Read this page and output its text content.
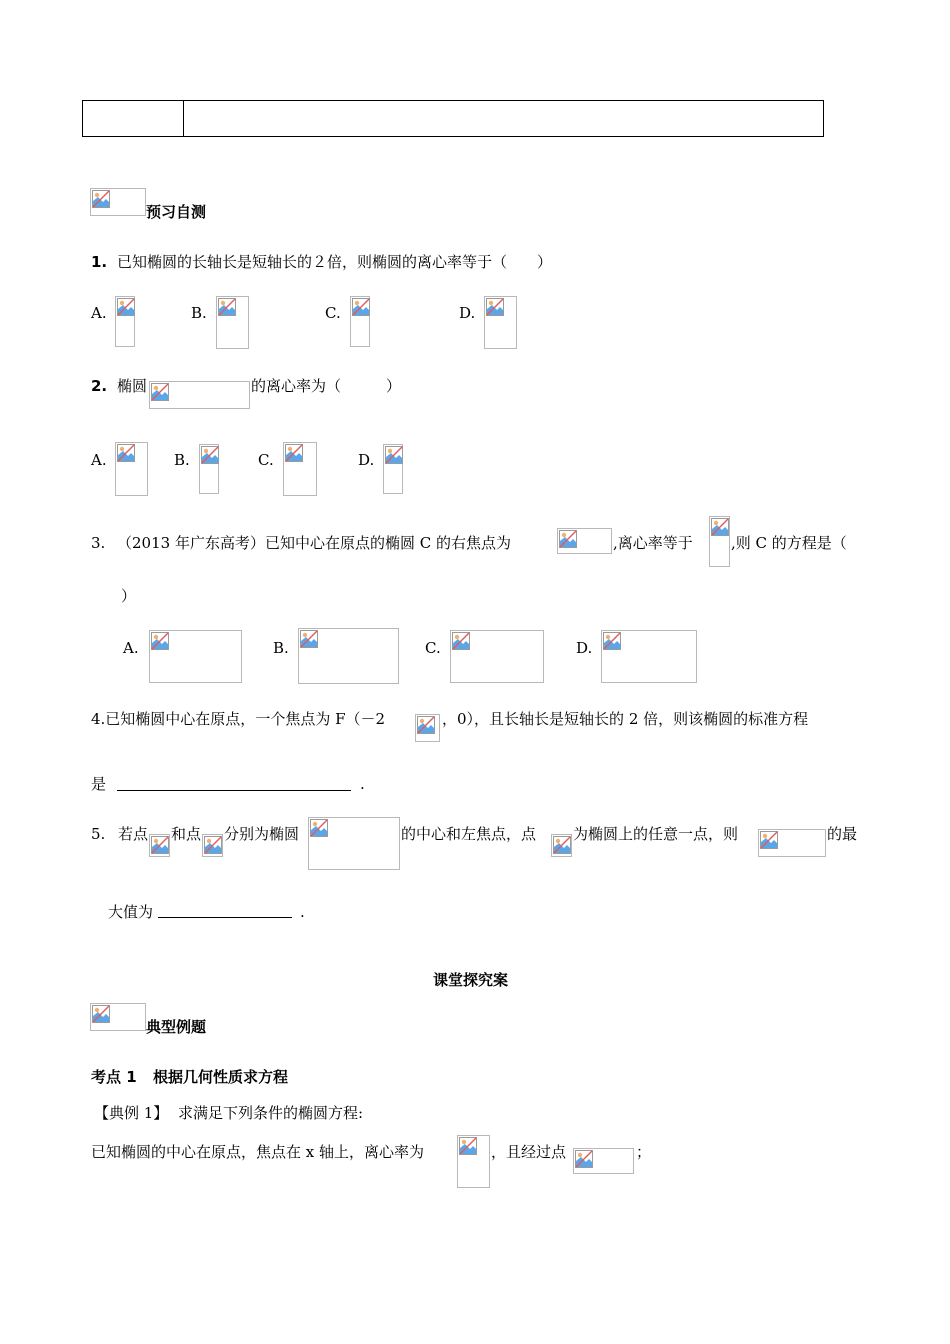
预习自测
1. 已知椭圆的长轴长是短轴长的２倍，则椭圆的离心率等于（　　）
A.	B.	C.	D.
2. 椭圆	的离心率为（　　　）
A.	B.	C.	D.
3. （2013 年广东高考）已知中心在原点的椭圆 C 的右焦点为	,离心率等于	,则 C 的方程是（
）
A.	B.	C.	D.
4.已知椭圆中心在原点，一个焦点为 F（－2	，0），且长轴长是短轴长的 2 倍，则该椭圆的标准方程
是	.
5. 若点 和点 分别为椭圆	的中心和左焦点，点 为椭圆上的任意一点，则	的最
大值为	.
课堂探究案
典型例题
考点 1 根据几何性质求方程
【典例 1】 求满足下列条件的椭圆方程:
已知椭圆的中心在原点，焦点在 x 轴上，离心率为	，且经过点	；
